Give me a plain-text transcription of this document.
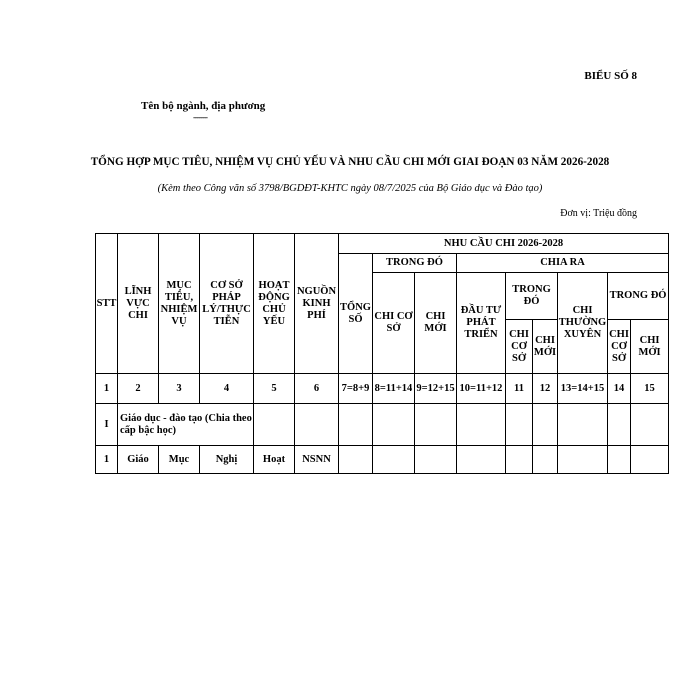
BIỂU SỐ 8
Tên bộ ngành, địa phương
-------
TỔNG HỢP MỤC TIÊU, NHIỆM VỤ CHỦ YẾU VÀ NHU CẦU CHI MỚI GIAI ĐOẠN 03 NĂM 2026-2028
(Kèm theo Công văn số 3798/BGDĐT-KHTC ngày 08/7/2025 của Bộ Giáo dục và Đào tạo)
Đơn vị: Triệu đồng
STT	LĨNH VỰC CHI	MỤC TIÊU, NHIỆM VỤ	CƠ SỞ PHÁP LÝ/THỰC TIỄN	HOẠT ĐỘNG CHỦ YẾU	NGUỒN KINH PHÍ	NHU CẦU CHI 2026-2028								
						TỔNG SỐ	TRONG ĐÓ		CHIA RA					
							CHI CƠ SỞ	CHI MỚI	ĐẦU TƯ PHÁT TRIỂN	TRONG ĐÓ		CHI THƯỜNG XUYÊN	TRONG ĐÓ	
										CHI CƠ SỞ	CHI MỚI		CHI CƠ SỞ	CHI MỚI
1	2	3	4	5	6	7=8+9	8=11+14	9=12+15	10=11+12	11	12	13=14+15	14	15
I	Giáo dục - đào tạo (Chia theo cấp bậc học)													
1	Giáo	Mục	Nghị	Hoạt	NSNN									
